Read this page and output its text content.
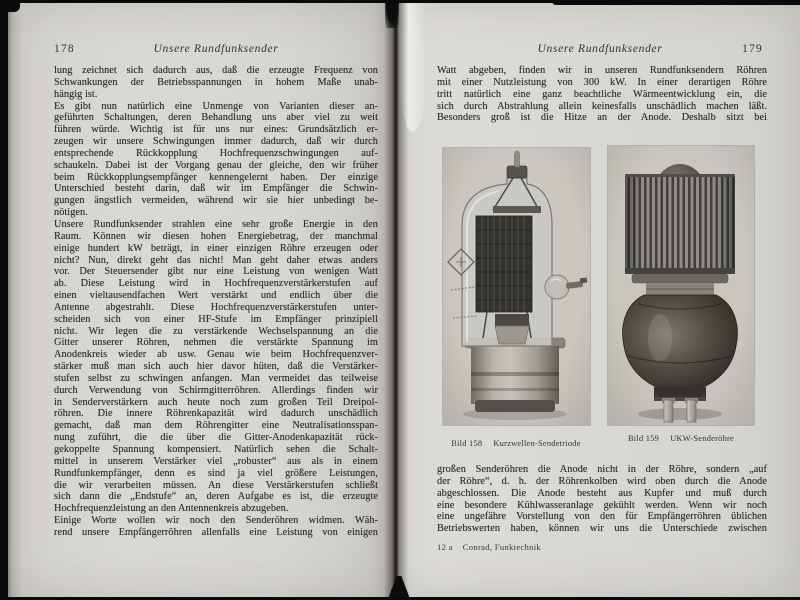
178	Unsere Rundfunksender
lung zeichnet sich dadurch aus, daß die erzeugte Frequenz von
Schwankungen der Betriebsspannungen in hohem Maße unab-
hängig ist.
Es gibt nun natürlich eine Unmenge von Varianten dieser an-
geführten Schaltungen, deren Behandlung uns aber viel zu weit
führen würde. Wichtig ist für uns nur eines: Grundsätzlich er-
zeugen wir unsere Schwingungen immer dadurch, daß wir durch
entsprechende Rückkopplung Hochfrequenzschwingungen auf-
schaukeln. Dabei ist der Vorgang genau der gleiche, den wir früher
beim Rückkopplungsempfänger kennengelernt haben. Der einzige
Unterschied besteht darin, daß wir im Empfänger die Schwin-
gungen ängstlich vermeiden, während wir sie hier unbedingt be-
nötigen.
Unsere Rundfunksender strahlen eine sehr große Energie in den
Raum. Können wir diesen hohen Energiebetrag, der manchmal
einige hundert kW beträgt, in einer einzigen Röhre erzeugen oder
nicht? Nun, direkt geht das nicht! Man geht daher etwas anders
vor. Der Steuersender gibt nur eine Leistung von wenigen Watt
ab. Diese Leistung wird in Hochfrequenzverstärkerstufen auf
einen vieltausendfachen Wert verstärkt und endlich über die
Antenne abgestrahlt. Diese Hochfrequenzverstärkerstufen unter-
scheiden sich von einer HF-Stufe im Empfänger prinzipiell
nicht. Wir legen die zu verstärkende Wechselspannung an die
Gitter unserer Röhren, nehmen die verstärkte Spannung im
Anodenkreis wieder ab usw. Genau wie beim Hochfrequenzver-
stärker muß man sich auch hier davor hüten, daß die Verstärker-
stufen selbst zu schwingen anfangen. Man vermeidet das teilweise
durch Verwendung von Schirmgitterröhren. Allerdings finden wir
in Senderverstärkern auch heute noch zum großen Teil Dreipol-
röhren. Die innere Röhrenkapazität wird dadurch unschädlich
gemacht, daß man dem Röhrengitter eine Neutralisationsspan-
nung zuführt, die die über die Gitter-Anodenkapazität rück-
gekoppelte Spannung kompensiert. Natürlich sehen die Schalt-
mittel in unserem Verstärker viel „robuster“ aus als in einem
Rundfunkempfänger, denn es sind ja viel größere Leistungen,
die wir verarbeiten müssen. An diese Verstärkerstufen schließt
sich dann die „Endstufe“ an, deren Aufgabe es ist, die erzeugte
Hochfrequenzleistung an den Antennenkreis abzugeben.
Einige Worte wollen wir noch den Senderöhren widmen. Wäh-
rend unsere Empfängerröhren allenfalls eine Leistung von einigen
Unsere Rundfunksender	179
Watt abgeben, finden wir in unseren Rundfunksendern Röhren
mit einer Nutzleistung von 300 kW. In einer derartigen Röhre
tritt natürlich eine ganz beachtliche Wärmeentwicklung ein, die
sich durch Abstrahlung allein keinesfalls unschädlich machen läßt.
Besonders groß ist die Hitze an der Anode. Deshalb sitzt bei
Bild 158 Kurzwellen-Sendetriode
Bild 159 UKW-Senderöhre
großen Senderöhren die Anode nicht in der Röhre, sondern „auf
der Röhre“, d. h. der Röhrenkolben wird oben durch die Anode
abgeschlossen. Die Anode besteht aus Kupfer und muß durch
eine besondere Kühlwasseranlage gekühlt werden. Wenn wir noch
eine ungefähre Vorstellung von den für Empfängerröhren üblichen
Betriebswerten haben, können wir uns die Unterschiede zwischen
12 a Conrad, Funktechnik
